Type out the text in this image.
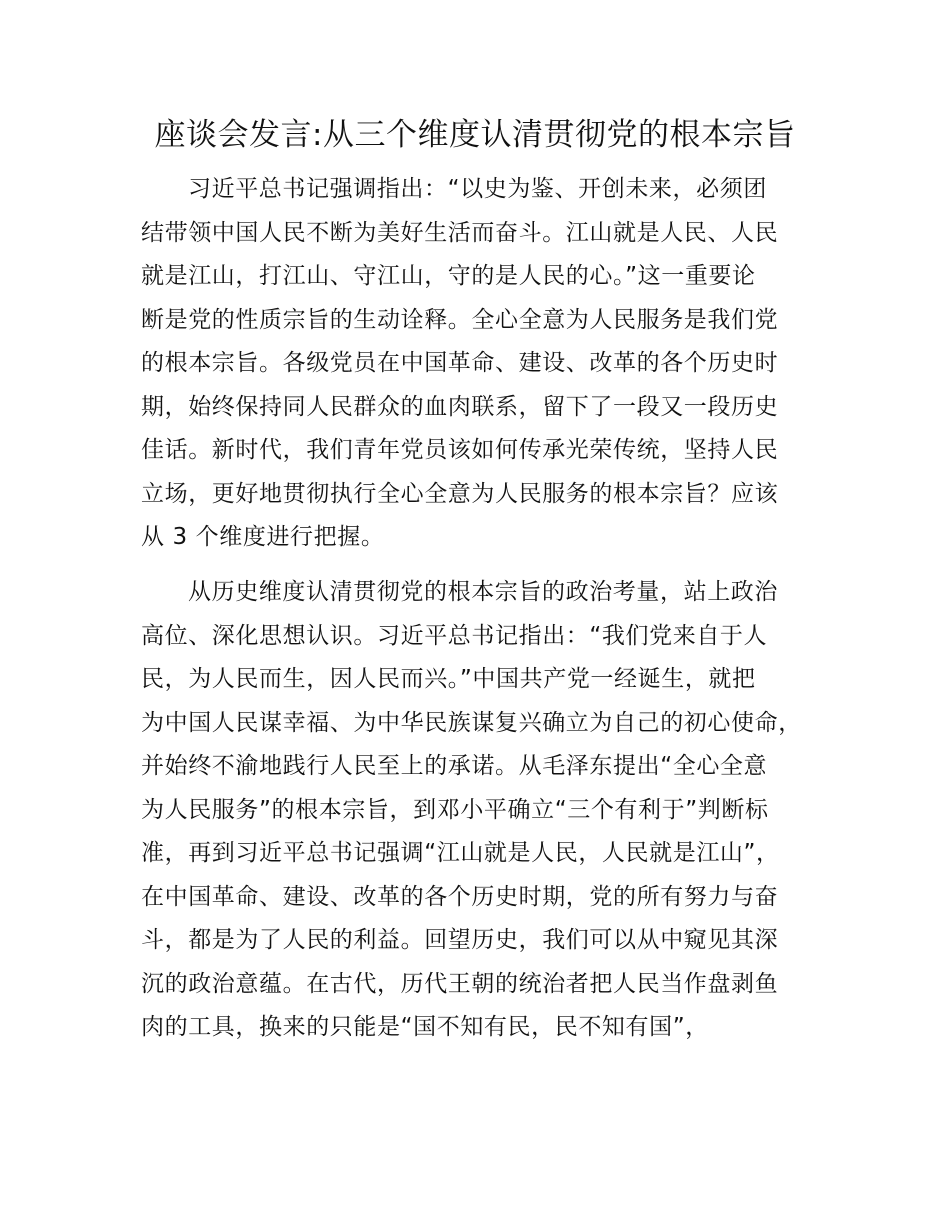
座谈会发言:从三个维度认清贯彻党的根本宗旨
习近平总书记强调指出：“以史为鉴、开创未来，必须团
结带领中国人民不断为美好生活而奋斗。江山就是人民、人民
就是江山，打江山、守江山，守的是人民的心。”这一重要论
断是党的性质宗旨的生动诠释。全心全意为人民服务是我们党
的根本宗旨。各级党员在中国革命、建设、改革的各个历史时
期，始终保持同人民群众的血肉联系，留下了一段又一段历史
佳话。新时代，我们青年党员该如何传承光荣传统，坚持人民
立场，更好地贯彻执行全心全意为人民服务的根本宗旨？应该
从 3 个维度进行把握。
从历史维度认清贯彻党的根本宗旨的政治考量，站上政治
高位、深化思想认识。习近平总书记指出：“我们党来自于人
民，为人民而生，因人民而兴。”中国共产党一经诞生，就把
为中国人民谋幸福、为中华民族谋复兴确立为自己的初心使命，
并始终不渝地践行人民至上的承诺。从毛泽东提出“全心全意
为人民服务”的根本宗旨，到邓小平确立“三个有利于”判断标
准，再到习近平总书记强调“江山就是人民，人民就是江山”，
在中国革命、建设、改革的各个历史时期，党的所有努力与奋
斗，都是为了人民的利益。回望历史，我们可以从中窥见其深
沉的政治意蕴。在古代，历代王朝的统治者把人民当作盘剥鱼
肉的工具，换来的只能是“国不知有民，民不知有国”，
